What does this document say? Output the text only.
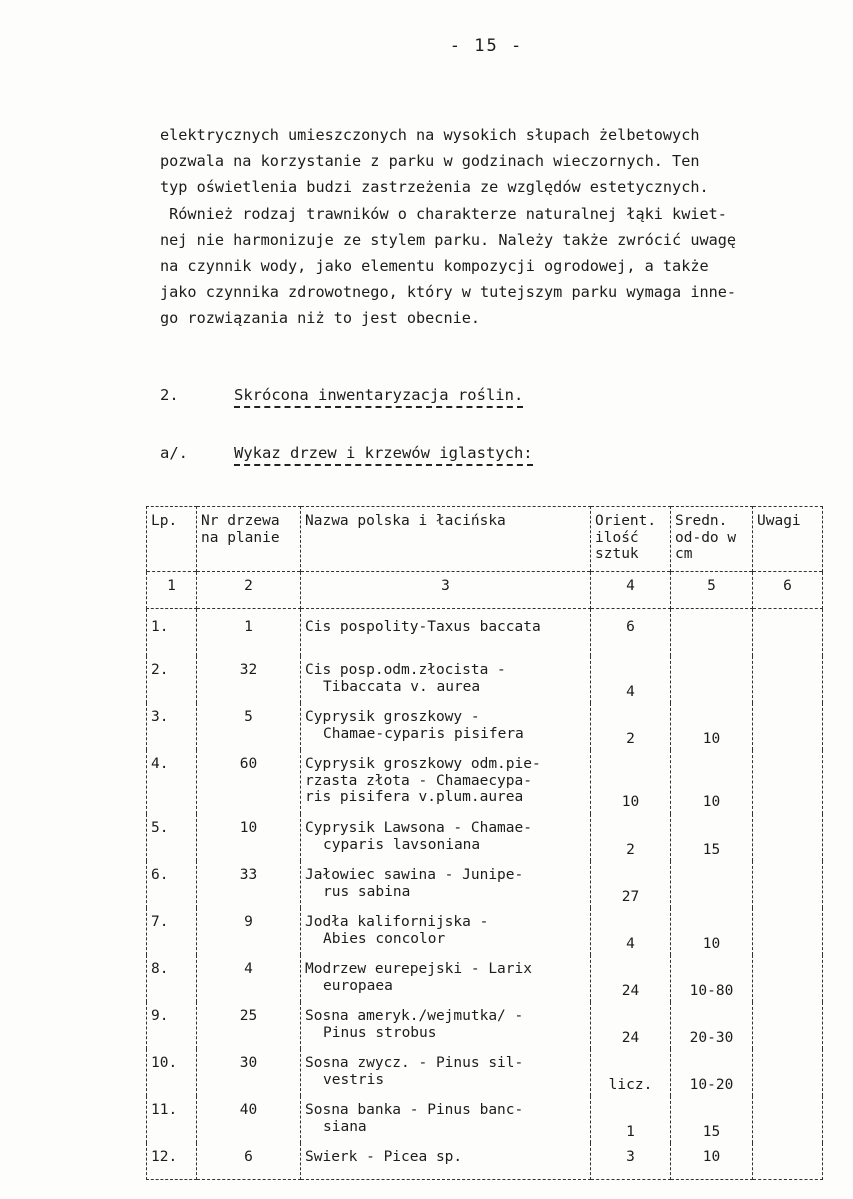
- 15 -
elektrycznych umieszczonych na wysokich słupach żelbetowych
pozwala na korzystanie z parku w godzinach wieczornych. Ten
typ oświetlenia budzi zastrzeżenia ze względów estetycznych.
Również rodzaj trawników o charakterze naturalnej łąki kwiet-
nej nie harmonizuje ze stylem parku. Należy także zwrócić uwagę
na czynnik wody, jako elementu kompozycji ogrodowej, a także
jako czynnika zdrowotnego, który w tutejszym parku wymaga inne-
go rozwiązania niż to jest obecnie.
2.	Skrócona inwentaryzacja roślin.
a/.	Wykaz drzew i krzewów iglastych:
Lp.	Nr drzewa na planie	Nazwa polska i łacińska	Orient. ilość sztuk	Sredn. od-do w cm	Uwagi
1	2	3	4	5	6
1.	1	Cis pospolity-Taxus baccata	6		
2.	32	Cis posp.odm.złocista -
Tibaccata v. aurea	4		
3.	5	Cyprysik groszkowy -
Chamae-cyparis pisifera	2	10	
4.	60	Cyprysik groszkowy odm.pie-
rzasta złota - Chamaecypa-
ris pisifera v.plum.aurea	10	10	
5.	10	Cyprysik Lawsona - Chamae-
cyparis lavsoniana	2	15	
6.	33	Jałowiec sawina - Junipe-
rus sabina	27		
7.	9	Jodła kalifornijska -
Abies concolor	4	10	
8.	4	Modrzew eurepejski - Larix
europaea	24	10-80	
9.	25	Sosna ameryk./wejmutka/ -
Pinus strobus	24	20-30	
10.	30	Sosna zwycz. - Pinus sil-
vestris	licz.	10-20	
11.	40	Sosna banka - Pinus banc-
siana	1	15	
12.	6	Swierk - Picea sp.	3	10	
